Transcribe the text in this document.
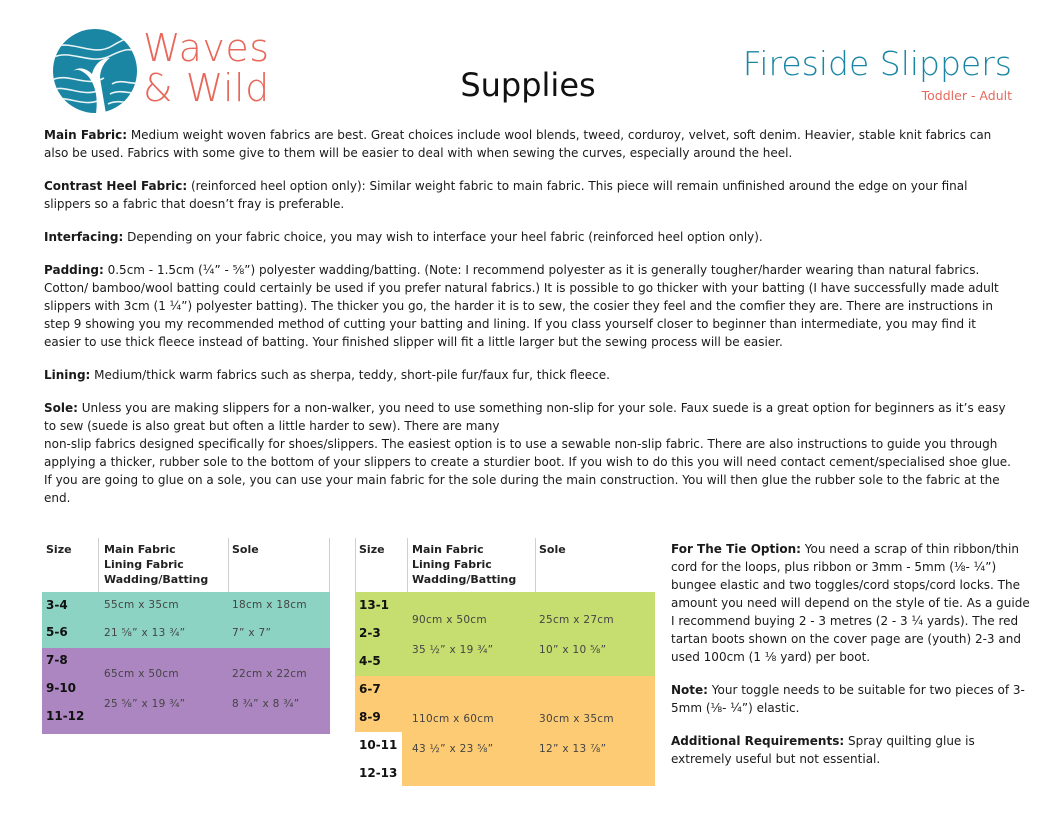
Waves
& Wild	Supplies
Fireside Slippers
Toddler - Adult

Main Fabric: Medium weight woven fabrics are best. Great choices include wool blends, tweed, corduroy, velvet, soft denim. Heavier, stable knit fabrics can also be used. Fabrics with some give to them will be easier to deal with when sewing the curves, especially around the heel.

Contrast Heel Fabric: (reinforced heel option only): Similar weight fabric to main fabric. This piece will remain unfinished around the edge on your final slippers so a fabric that doesn’t fray is preferable.

Interfacing: Depending on your fabric choice, you may wish to interface your heel fabric (reinforced heel option only).

Padding: 0.5cm - 1.5cm (¼” - ⅝”) polyester wadding/batting. (Note: I recommend polyester as it is generally tougher/harder wearing than natural fabrics. Cotton/ bamboo/wool batting could certainly be used if you prefer natural fabrics.) It is possible to go thicker with your batting (I have successfully made adult slippers with 3cm (1 ¼”) polyester batting). The thicker you go, the harder it is to sew, the cosier they feel and the comfier they are. There are instructions in step 9 showing you my recommended method of cutting your batting and lining. If you class yourself closer to beginner than intermediate, you may find it easier to use thick fleece instead of batting. Your finished slipper will fit a little larger but the sewing process will be easier.

Lining: Medium/thick warm fabrics such as sherpa, teddy, short-pile fur/faux fur, thick fleece.

Sole: Unless you are making slippers for a non-walker, you need to use something non-slip for your sole. Faux suede is a great option for beginners as it’s easy to sew (suede is also great but often a little harder to sew). There are many
non-slip fabrics designed specifically for shoes/slippers. The easiest option is to use a sewable non-slip fabric. There are also instructions to guide you through applying a thicker, rubber sole to the bottom of your slippers to create a sturdier boot. If you wish to do this you will need contact cement/specialised shoe glue. If you are going to glue on a sole, you can use your main fabric for the sole during the main construction. You will then glue the rubber sole to the fabric at the end.

Size	Main Fabric
Lining Fabric
Wadding/Batting
Sole
3-4
5-6
55cm x 35cm
21 ⅝” x 13 ¾”
18cm x 18cm
7” x 7”
7-8
9-10
11-12
65cm x 50cm
25 ⅝” x 19 ¾”
22cm x 22cm
8 ¾” x 8 ¾”
Size Main Fabric
Lining Fabric
Wadding/Batting
Sole
13-1
2-3
4-5
90cm x 50cm
35 ½” x 19 ¾”
25cm x 27cm
10” x 10 ⅝”
6-7
8-9
10-11
12-13
110cm x 60cm
43 ½” x 23 ⅝”
30cm x 35cm
12” x 13 ⅞”

For The Tie Option: You need a scrap of thin ribbon/thin cord for the loops, plus ribbon or 3mm - 5mm (⅛- ¼”) bungee elastic and two toggles/cord stops/cord locks. The amount you need will depend on the style of tie. As a guide I recommend buying 2 - 3 metres (2 - 3 ¼ yards). The red tartan boots shown on the cover page are (youth) 2-3 and used 100cm (1 ⅛ yard) per boot.

Note: Your toggle needs to be suitable for two pieces of 3-5mm (⅛- ¼”) elastic.

Additional Requirements: Spray quilting glue is extremely useful but not essential.
